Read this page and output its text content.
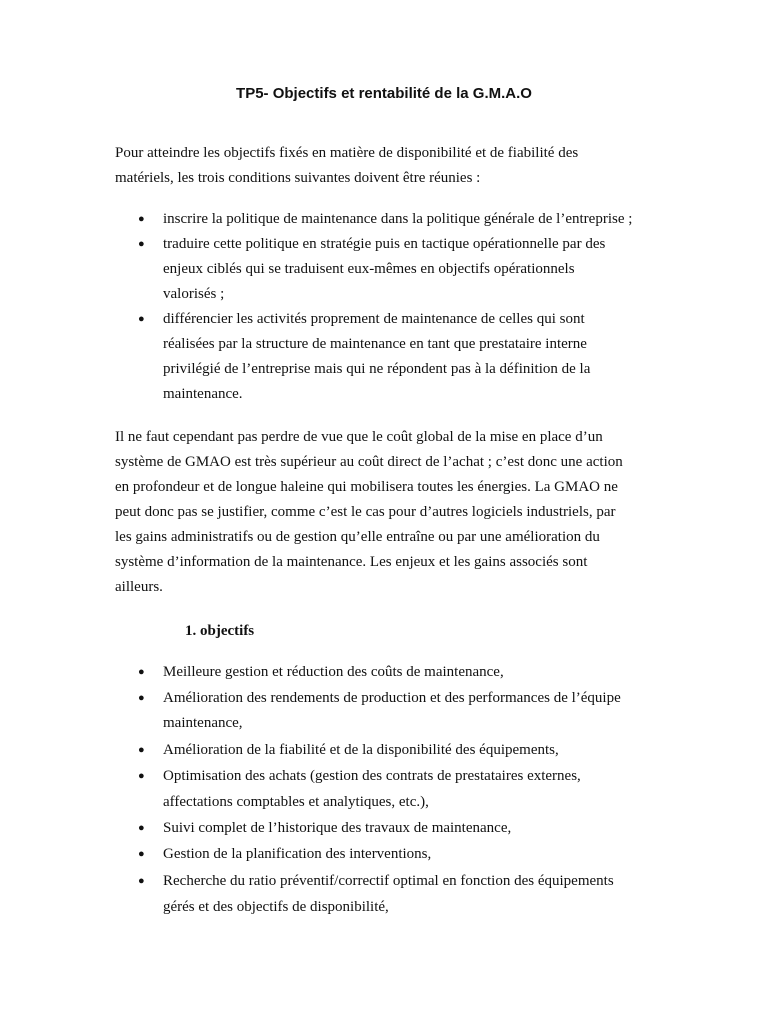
TP5- Objectifs et rentabilité de la G.M.A.O
Pour atteindre les objectifs fixés en matière de disponibilité et de fiabilité des
matériels, les trois conditions suivantes doivent être réunies :
● inscrire la politique de maintenance dans la politique générale de l’entreprise ;
● traduire cette politique en stratégie puis en tactique opérationnelle par des
enjeux ciblés qui se traduisent eux-mêmes en objectifs opérationnels
valorisés ;
● différencier les activités proprement de maintenance de celles qui sont
réalisées par la structure de maintenance en tant que prestataire interne
privilégié de l’entreprise mais qui ne répondent pas à la définition de la
maintenance.
Il ne faut cependant pas perdre de vue que le coût global de la mise en place d’un
système de GMAO est très supérieur au coût direct de l’achat ; c’est donc une action
en profondeur et de longue haleine qui mobilisera toutes les énergies. La GMAO ne
peut donc pas se justifier, comme c’est le cas pour d’autres logiciels industriels, par
les gains administratifs ou de gestion qu’elle entraîne ou par une amélioration du
système d’information de la maintenance. Les enjeux et les gains associés sont
ailleurs.
1. objectifs
● Meilleure gestion et réduction des coûts de maintenance,
● Amélioration des rendements de production et des performances de l’équipe
maintenance,
● Amélioration de la fiabilité et de la disponibilité des équipements,
● Optimisation des achats (gestion des contrats de prestataires externes,
affectations comptables et analytiques, etc.),
● Suivi complet de l’historique des travaux de maintenance,
● Gestion de la planification des interventions,
● Recherche du ratio préventif/correctif optimal en fonction des équipements
gérés et des objectifs de disponibilité,
